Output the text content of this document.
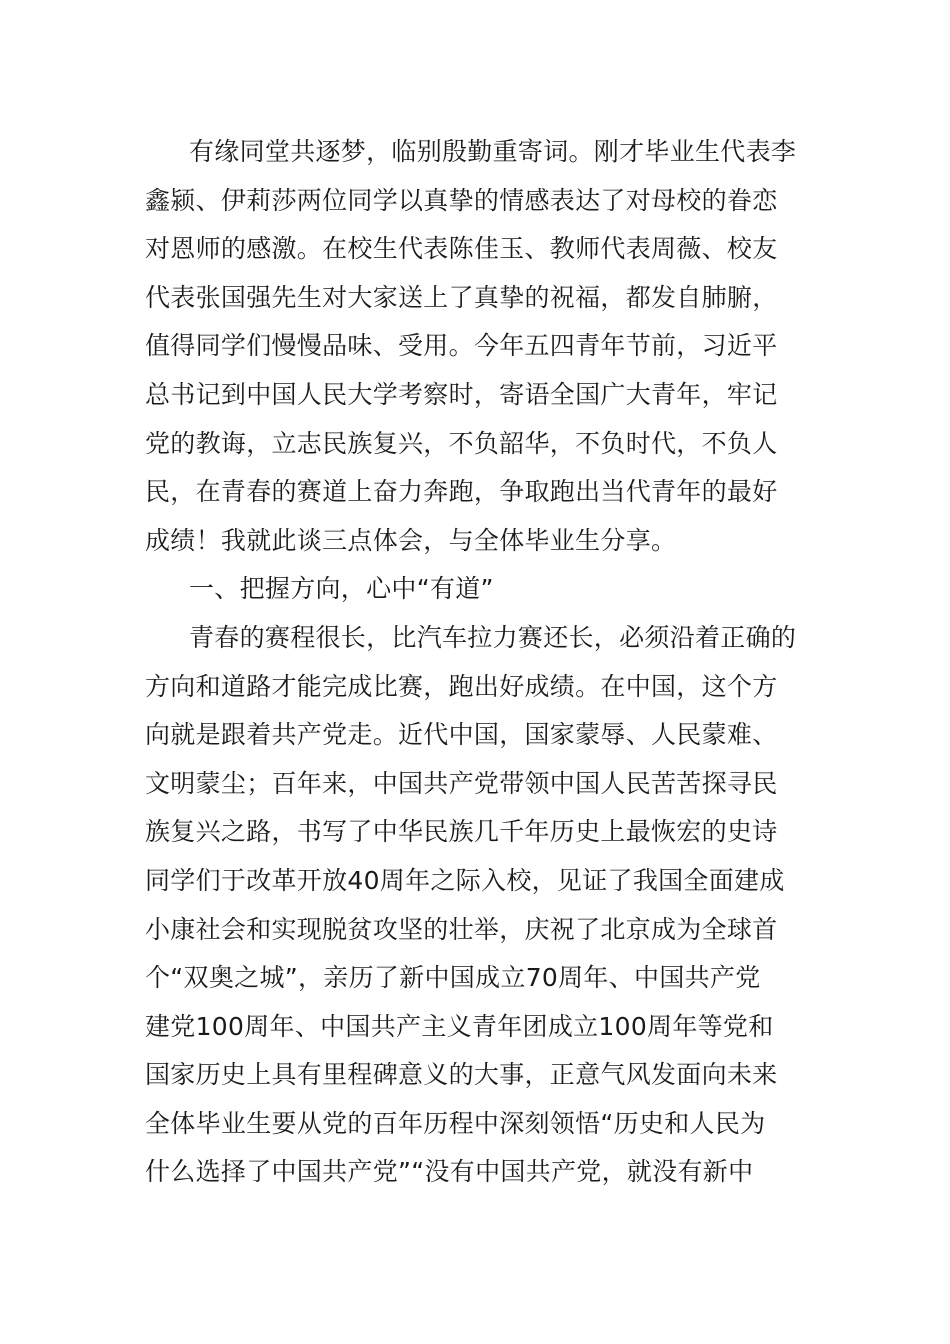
有缘同堂共逐梦，临别殷勤重寄词。刚才毕业生代表李
鑫颍、伊莉莎两位同学以真挚的情感表达了对母校的眷恋
对恩师的感激。在校生代表陈佳玉、教师代表周薇、校友
代表张国强先生对大家送上了真挚的祝福，都发自肺腑，
值得同学们慢慢品味、受用。今年五四青年节前，习近平
总书记到中国人民大学考察时，寄语全国广大青年，牢记
党的教诲，立志民族复兴，不负韶华，不负时代，不负人
民，在青春的赛道上奋力奔跑，争取跑出当代青年的最好
成绩！我就此谈三点体会，与全体毕业生分享。
一、把握方向，心中“有道”
青春的赛程很长，比汽车拉力赛还长，必须沿着正确的
方向和道路才能完成比赛，跑出好成绩。在中国，这个方
向就是跟着共产党走。近代中国，国家蒙辱、人民蒙难、
文明蒙尘；百年来，中国共产党带领中国人民苦苦探寻民
族复兴之路，书写了中华民族几千年历史上最恢宏的史诗
同学们于改革开放40周年之际入校，见证了我国全面建成
小康社会和实现脱贫攻坚的壮举，庆祝了北京成为全球首
个“双奥之城”，亲历了新中国成立70周年、中国共产党
建党100周年、中国共产主义青年团成立100周年等党和
国家历史上具有里程碑意义的大事，正意气风发面向未来
全体毕业生要从党的百年历程中深刻领悟“历史和人民为
什么选择了中国共产党”“没有中国共产党，就没有新中
